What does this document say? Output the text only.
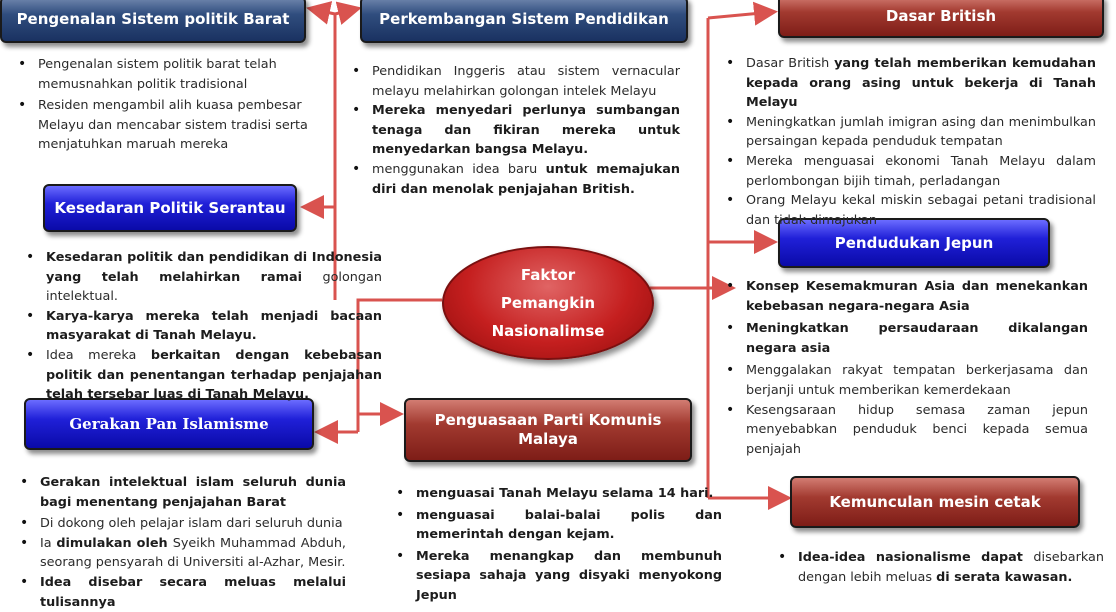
Faktor
Pemangkin
Nasionalimse
Pengenalan Sistem politik Barat	Perkembangan Sistem Pendidikan	Dasar British
Kesedaran Politik Serantau
Pendudukan Jepun
Gerakan Pan Islamisme	Penguasaan Parti Komunis Malaya
Kemunculan mesin cetak
• Pengenalan sistem politik barat telah memusnahkan politik tradisional
• Residen mengambil alih kuasa pembesar Melayu dan mencabar sistem tradisi serta menjatuhkan maruah mereka
• Pendidikan Inggeris atau sistem vernacular melayu melahirkan golongan intelek Melayu
• Mereka menyedari perlunya sumbangan tenaga dan fikiran mereka untuk menyedarkan bangsa Melayu.
• menggunakan idea baru untuk memajukan diri dan menolak penjajahan British.
• Dasar British yang telah memberikan kemudahan kepada orang asing untuk bekerja di Tanah Melayu
• Meningkatkan jumlah imigran asing dan menimbulkan persaingan kepada penduduk tempatan
• Mereka menguasai ekonomi Tanah Melayu dalam perlombongan bijih timah, perladangan
• Orang Melayu kekal miskin sebagai petani tradisional dan tidak dimajukan
• Kesedaran politik dan pendidikan di Indonesia yang telah melahirkan ramai golongan intelektual.
• Karya-karya mereka telah menjadi bacaan masyarakat di Tanah Melayu.
• Idea mereka berkaitan dengan kebebasan politik dan penentangan terhadap penjajahan telah tersebar luas di Tanah Melayu.
• Konsep Kesemakmuran Asia dan menekankan kebebasan negara-negara Asia
• Meningkatkan persaudaraan dikalangan negara asia
• Menggalakan rakyat tempatan berkerjasama dan berjanji untuk memberikan kemerdekaan
• Kesengsaraan hidup semasa zaman jepun menyebabkan penduduk benci kepada semua penjajah
• Gerakan intelektual islam seluruh dunia bagi menentang penjajahan Barat
• Di dokong oleh pelajar islam dari seluruh dunia
• Ia dimulakan oleh Syeikh Muhammad Abduh, seorang pensyarah di Universiti al-Azhar, Mesir.
• Idea disebar secara meluas melalui tulisannya
• menguasai Tanah Melayu selama 14 hari.
• menguasai balai-balai polis dan memerintah dengan kejam.
• Mereka menangkap dan membunuh sesiapa sahaja yang disyaki menyokong Jepun
• Idea-idea nasionalisme dapat disebarkan dengan lebih meluas di serata kawasan.
